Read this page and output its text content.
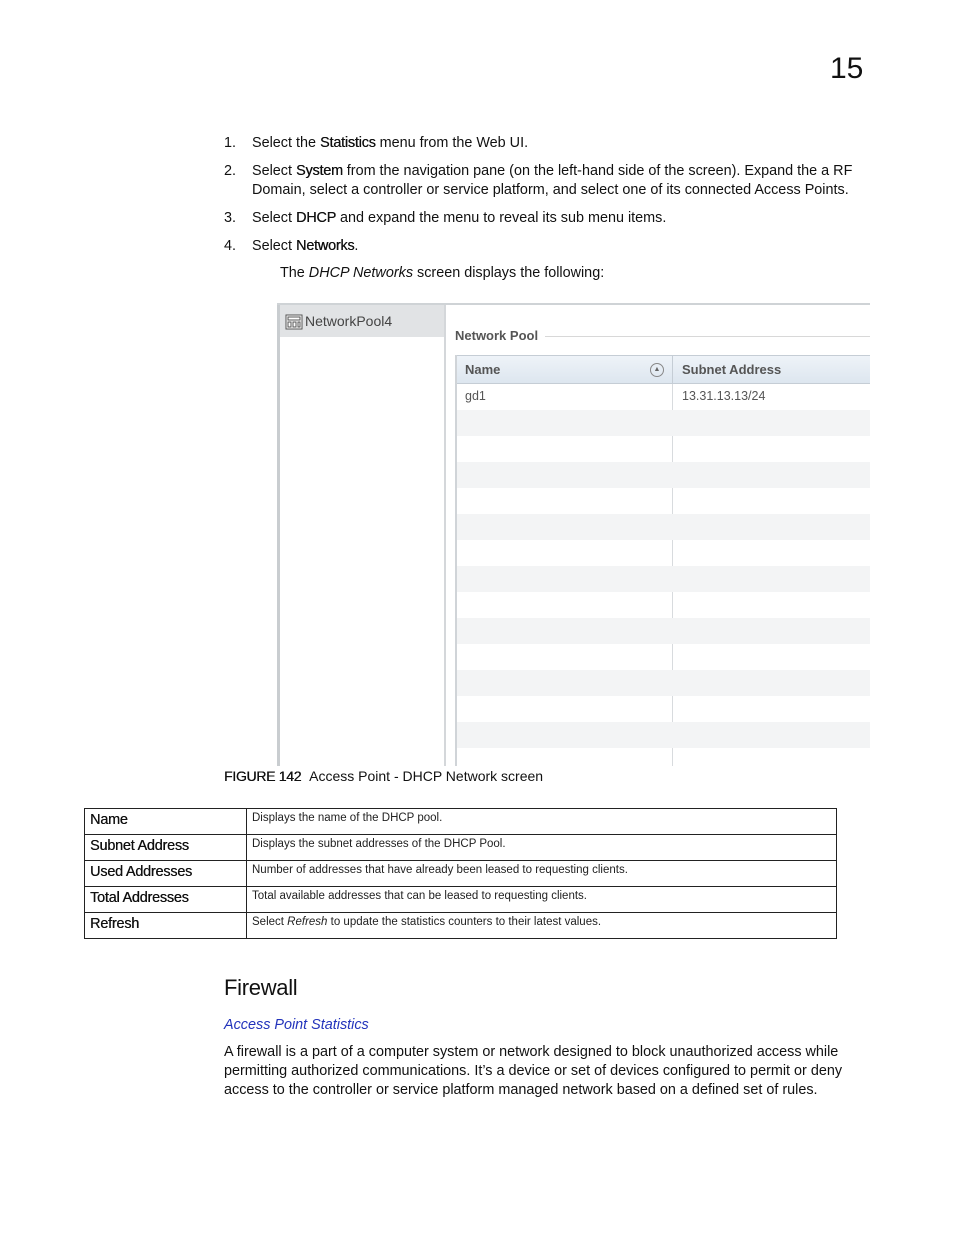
15
1. Select the Statistics menu from the Web UI.
2. Select System from the navigation pane (on the left-hand side of the screen). Expand the a RF Domain, select a controller or service platform, and select one of its connected Access Points.
3. Select DHCP and expand the menu to reveal its sub menu items.
4. Select Networks.
The DHCP Networks screen displays the following:
NetworkPool4
Network Pool
Name	▲ Subnet Address
gd1	13.31.13.13/24
FIGURE 142 Access Point - DHCP Network screen
Name	Displays the name of the DHCP pool.
Subnet Address	Displays the subnet addresses of the DHCP Pool.
Used Addresses	Number of addresses that have already been leased to requesting clients.
Total Addresses	Total available addresses that can be leased to requesting clients.
Refresh	Select Refresh to update the statistics counters to their latest values.
Firewall
Access Point Statistics
A firewall is a part of a computer system or network designed to block unauthorized access while permitting authorized communications. It’s a device or set of devices configured to permit or deny access to the controller or service platform managed network based on a defined set of rules.
